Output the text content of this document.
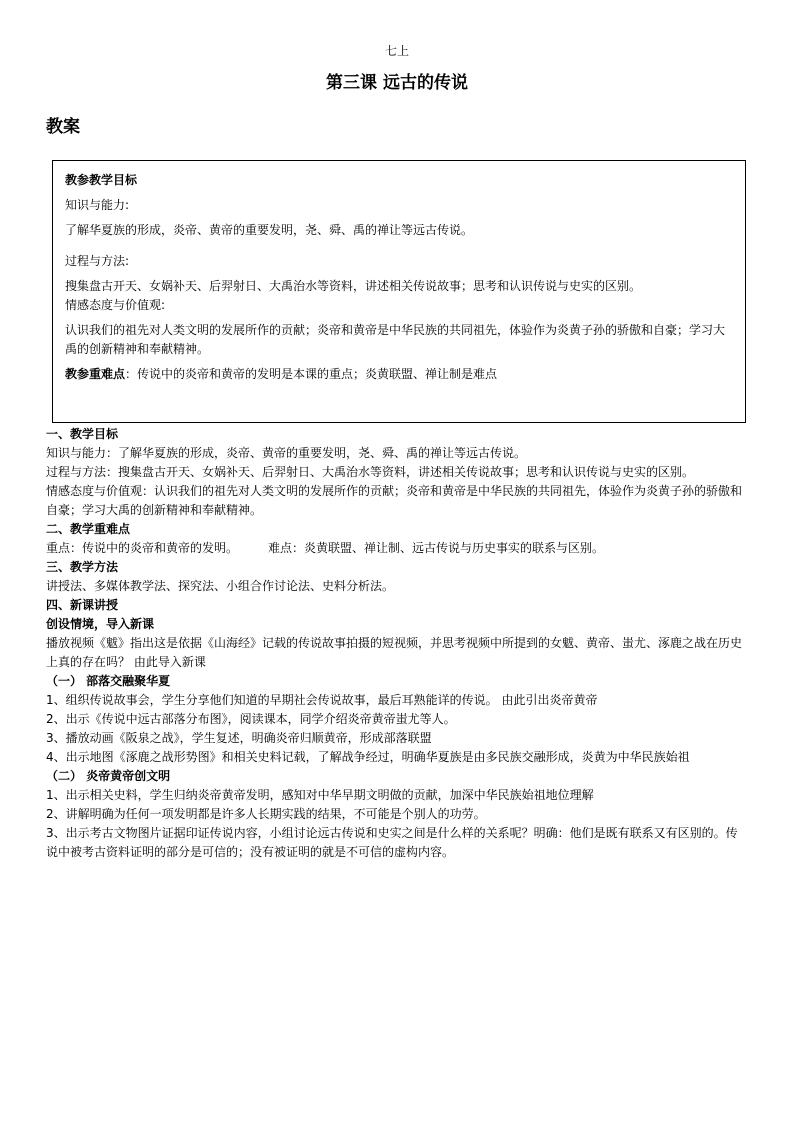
七上
第三课 远古的传说
教案

教参教学目标

知识与能力:

了解华夏族的形成，炎帝、黄帝的重要发明，尧、舜、禹的禅让等远古传说。

过程与方法:

搜集盘古开天、女娲补天、后羿射日、大禹治水等资料，讲述相关传说故事；思考和认识传说与史实的区别。

情感态度与价值观:

认识我们的祖先对人类文明的发展所作的贡献；炎帝和黄帝是中华民族的共同祖先，体验作为炎黄子孙的骄傲和自豪；学习大禹的创新精神和奉献精神。

教参重难点：传说中的炎帝和黄帝的发明是本课的重点；炎黄联盟、禅让制是难点

一、教学目标

知识与能力：了解华夏族的形成，炎帝、黄帝的重要发明，尧、舜、禹的禅让等远古传说。

过程与方法：搜集盘古开天、女娲补天、后羿射日、大禹治水等资料，讲述相关传说故事；思考和认识传说与史实的区别。

情感态度与价值观：认识我们的祖先对人类文明的发展所作的贡献；炎帝和黄帝是中华民族的共同祖先，体验作为炎黄子孙的骄傲和自豪；学习大禹的创新精神和奉献精神。

二、教学重难点

重点：传说中的炎帝和黄帝的发明。	难点：炎黄联盟、禅让制、远古传说与历史事实的联系与区别。

三、教学方法

讲授法、多媒体教学法、探究法、小组合作讨论法、史料分析法。

四、新课讲授

创设情境，导入新课

播放视频《魃》指出这是依据《山海经》记载的传说故事拍摄的短视频，并思考视频中所提到的女魃、黄帝、蚩尤、涿鹿之战在历史上真的存在吗？ 由此导入新课

（一） 部落交融聚华夏

1、组织传说故事会，学生分享他们知道的早期社会传说故事，最后耳熟能详的传说。 由此引出炎帝黄帝

2、出示《传说中远古部落分布图》，阅读课本，同学介绍炎帝黄帝蚩尤等人。

3、播放动画《阪泉之战》，学生复述，明确炎帝归顺黄帝，形成部落联盟

4、出示地图《涿鹿之战形势图》和相关史料记载，了解战争经过，明确华夏族是由多民族交融形成，炎黄为中华民族始祖

（二） 炎帝黄帝创文明

1、出示相关史料，学生归纳炎帝黄帝发明，感知对中华早期文明做的贡献，加深中华民族始祖地位理解

2、讲解明确为任何一项发明都是许多人长期实践的结果，不可能是个别人的功劳。

3、出示考古文物图片证据印证传说内容，小组讨论远古传说和史实之间是什么样的关系呢？明确：他们是既有联系又有区别的。传说中被考古资料证明的部分是可信的；没有被证明的就是不可信的虚构内容。
